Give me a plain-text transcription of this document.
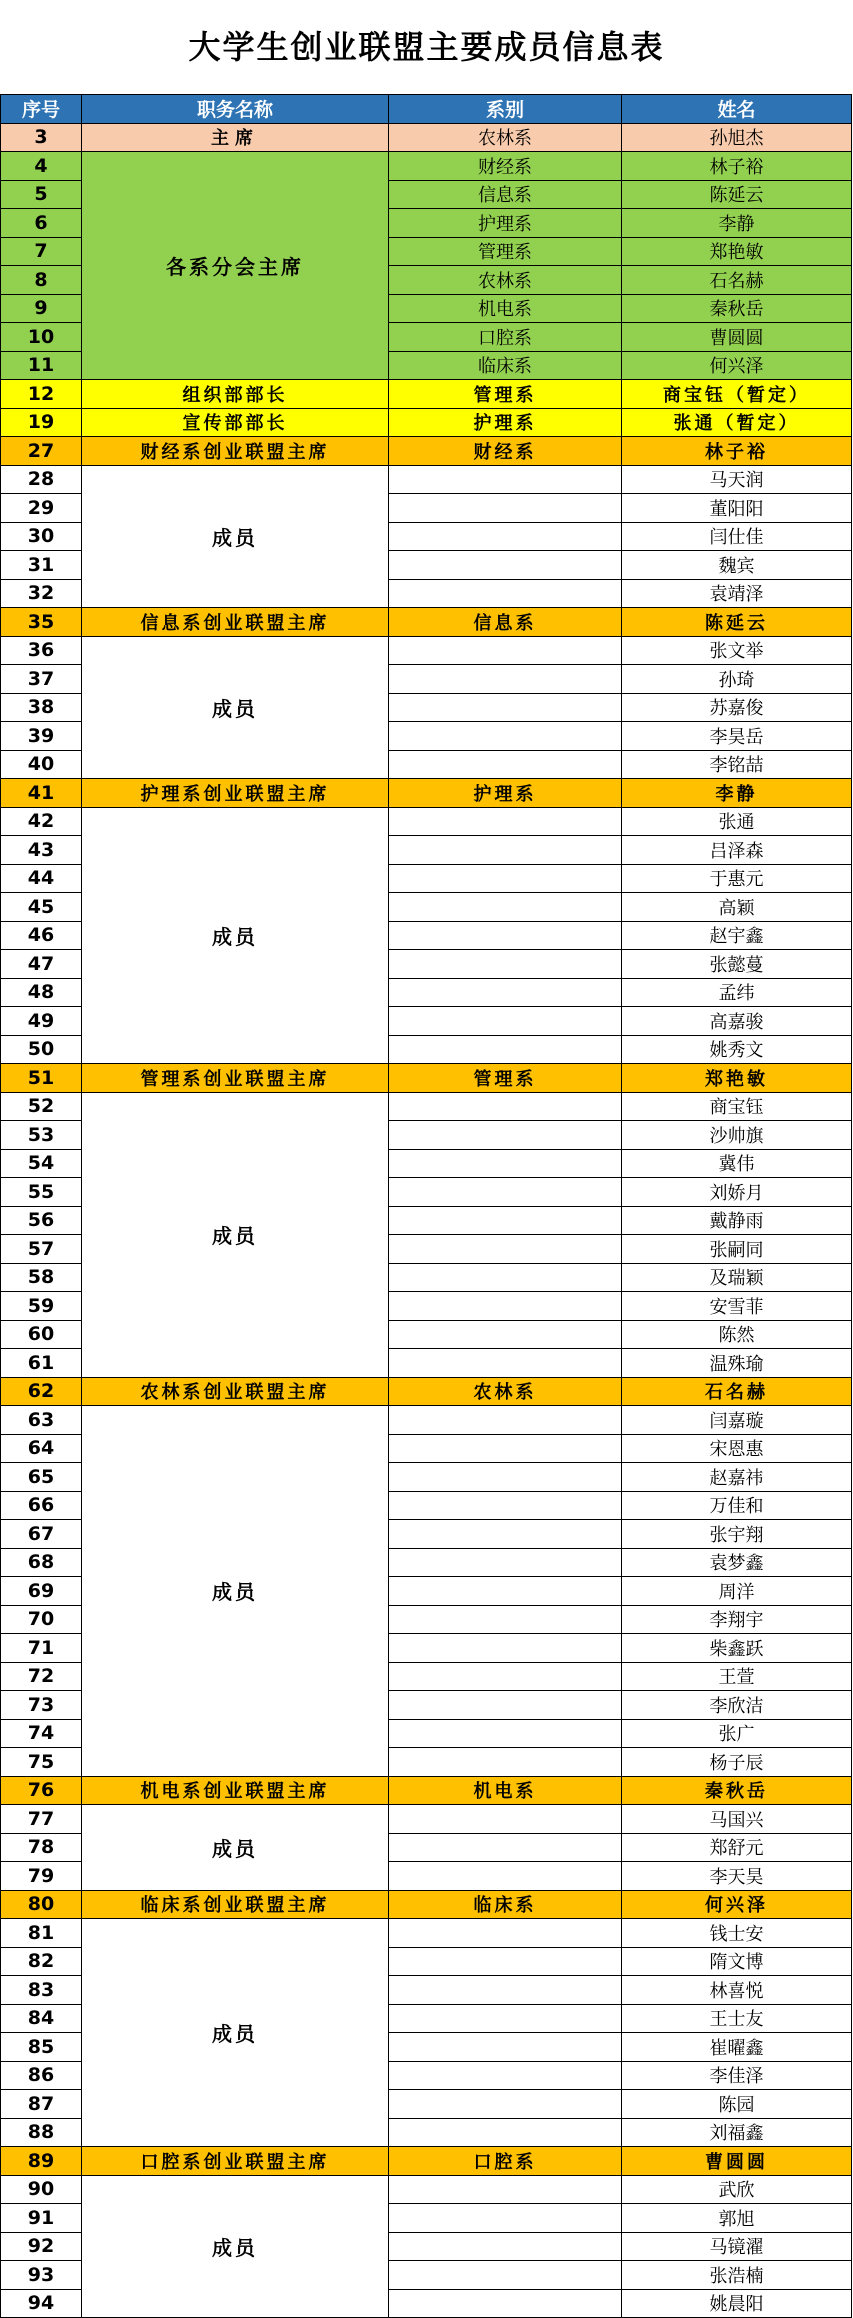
大学生创业联盟主要成员信息表
序号	职务名称	系别	姓名
3	主席	农林系	孙旭杰
4	各系分会主席	财经系	林子裕
5		信息系	陈延云
6		护理系	李静
7		管理系	郑艳敏
8		农林系	石名赫
9		机电系	秦秋岳
10		口腔系	曹圆圆
11		临床系	何兴泽
12	组织部部长	管理系	商宝钰（暂定）
19	宣传部部长	护理系	张通（暂定）
27	财经系创业联盟主席	财经系	林子裕
28	成员		马天润
29			董阳阳
30			闫仕佳
31			魏宾
32			袁靖泽
35	信息系创业联盟主席	信息系	陈延云
36	成员		张文举
37			孙琦
38			苏嘉俊
39			李昊岳
40			李铭喆
41	护理系创业联盟主席	护理系	李静
42	成员		张通
43			吕泽森
44			于惠元
45			高颖
46			赵宇鑫
47			张懿蔓
48			孟纬
49			高嘉骏
50			姚秀文
51	管理系创业联盟主席	管理系	郑艳敏
52	成员		商宝钰
53			沙帅旗
54			冀伟
55			刘娇月
56			戴静雨
57			张嗣同
58			及瑞颖
59			安雪菲
60			陈然
61			温殊瑜
62	农林系创业联盟主席	农林系	石名赫
63	成员		闫嘉璇
64			宋恩惠
65			赵嘉祎
66			万佳和
67			张宇翔
68			袁梦鑫
69			周洋
70			李翔宇
71			柴鑫跃
72			王萱
73			李欣洁
74			张广
75			杨子辰
76	机电系创业联盟主席	机电系	秦秋岳
77	成员		马国兴
78			郑舒元
79			李天昊
80	临床系创业联盟主席	临床系	何兴泽
81	成员		钱士安
82			隋文博
83			林喜悦
84			王士友
85			崔曜鑫
86			李佳泽
87			陈园
88			刘福鑫
89	口腔系创业联盟主席	口腔系	曹圆圆
90	成员		武欣
91			郭旭
92			马镜濯
93			张浩楠
94			姚晨阳
